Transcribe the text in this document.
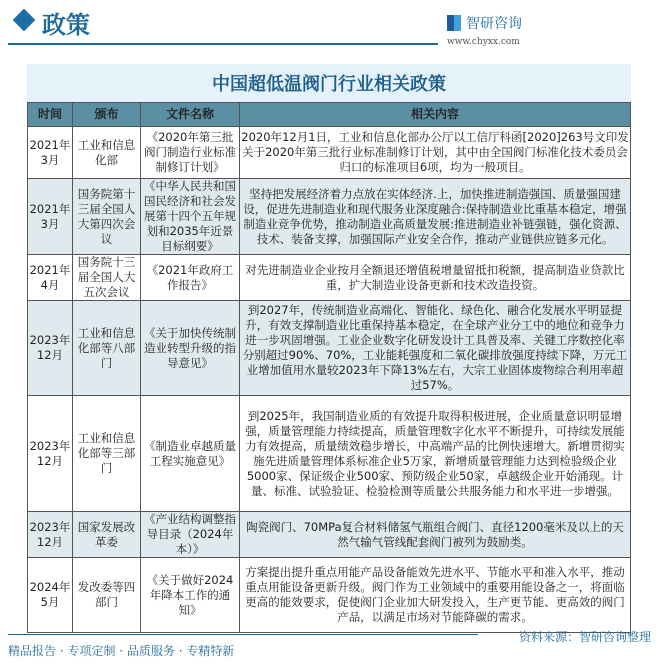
政策	智研咨询
www.chyxx.com
中国超低温阀门行业相关政策
时间	颁布	文件名称	相关内容
2021年3月	工业和信息化部	《2020年第三批阀门制造行业标准制修订计划》	2020年12月1日，工业和信息化部办公厅以工信厅科函[2020]263号文印发关于2020年第三批行业标准制修订计划，其中由全国阀门标准化技术委员会归口的标准项目6项，均为一般项目。
2021年3月	国务院第十三届全国人大第四次会议	《中华人民共和国国民经济和社会发展第十四个五年规划和2035年近景目标纲要》	坚持把发展经济着力点放在实体经济.上，加快推进制造强国、质量强国建设，促进先进制造业和现代服务业深度融合:保持制造业比重基本稳定，增强制造业竞争优势，推动制造业高质量发展:推进制造业补链强链，强化资源、技术、装备支撑，加强国际产业安全合作，推动产业链供应链多元化。
2021年4月	国务院十三届全国人大五次会议	《2021年政府工作报告》	对先进制造业企业按月全额退还增值税增量留抵扣税额，提高制造业贷款比重，扩大制造业设备更新和技术改造投资。
2023年12月	工业和信息化部等八部门	《关于加快传统制造业转型升级的指导意见》	到2027年，传统制造业高端化、智能化、绿色化、融合化发展水平明显提升，有效支撑制造业比重保持基本稳定，在全球产业分工中的地位和竞争力进一步巩固增强。工业企业数字化研发设计工具普及率、关键工序数控化率分别超过90%、70%，工业能耗强度和二氧化碳排放强度持续下降，万元工业增加值用水量较2023年下降13%左右，大宗工业固体废物综合利用率超过57%。
2023年12月	工业和信息化部等三部门	《制造业卓越质量工程实施意见》	到2025年，我国制造业质的有效提升取得积极进展，企业质量意识明显增强，质量管理能力持续提高，质量管理数字化水平不断提升，可持续发展能力有效提高，质量绩效稳步增长，中高端产品的比例快速增大。新增贯彻实施先进质量管理体系标准企业5万家，新增质量管理能力达到检验级企业5000家、保证级企业500家、预防级企业50家，卓越级企业开始涌现。计量、标准、试验验证、检验检测等质量公共服务能力和水平进一步增强。
2023年12月	国家发展改革委	《产业结构调整指导目录（2024年本）》	陶瓷阀门、70MPa复合材料储氢气瓶组合阀门、直径1200毫米及以上的天然气输气管线配套阀门被列为鼓励类。
2024年5月	发改委等四部门	《关于做好2024年降本工作的通知》	方案提出提升重点用能产品设备能效先进水平、节能水平和准入水平，推动重点用能设备更新升级。阀门作为工业领域中的重要用能设备之一，将面临更高的能效要求，促使阀门企业加大研发投入，生产更节能、更高效的阀门产品，以满足市场对节能降碳的需求。
资料来源：智研咨询整理
精品报告 · 专项定制 · 品质服务 · 专精特新
